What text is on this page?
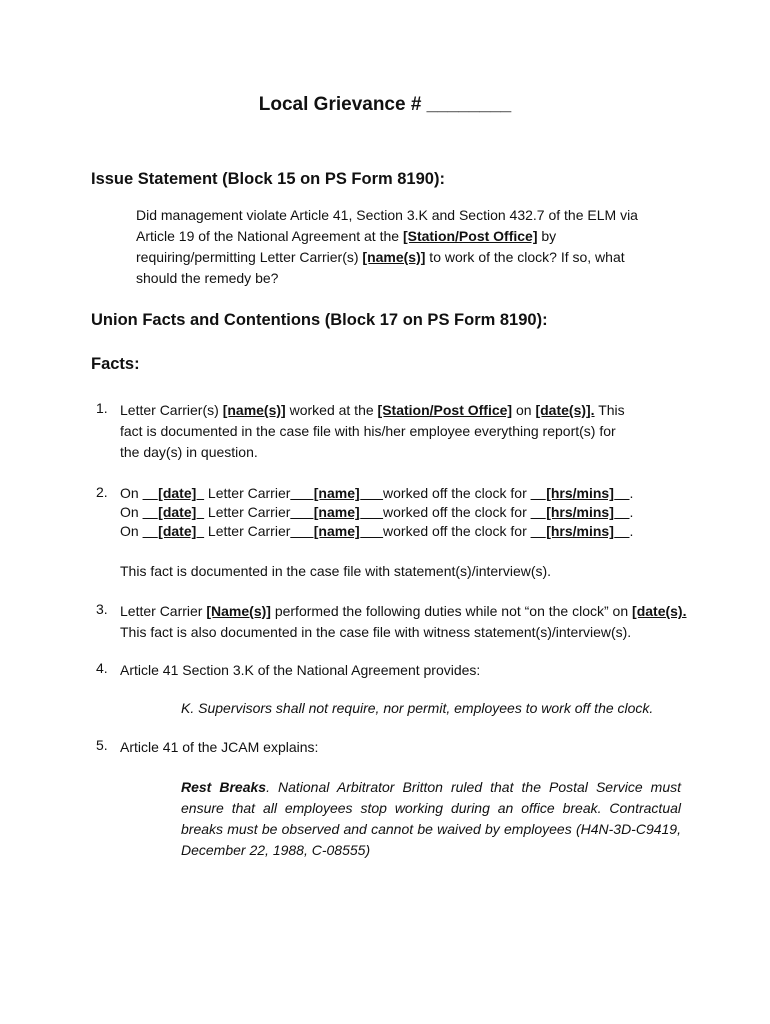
Local Grievance # ________
Issue Statement (Block 15 on PS Form 8190):
Did management violate Article 41, Section 3.K and Section 432.7 of the ELM via
Article 19 of the National Agreement at the [Station/Post Office] by
requiring/permitting Letter Carrier(s) [name(s)] to work of the clock? If so, what
should the remedy be?
Union Facts and Contentions (Block 17 on PS Form 8190):
Facts:
1. Letter Carrier(s) [name(s)] worked at the [Station/Post Office] on [date(s)]. This
fact is documented in the case file with his/her employee everything report(s) for
the day(s) in question.
2. On __[date]_ Letter Carrier___[name]___worked off the clock for __[hrs/mins]__.
On __[date]_ Letter Carrier___[name]___worked off the clock for __[hrs/mins]__.
On __[date]_ Letter Carrier___[name]___worked off the clock for __[hrs/mins]__.
This fact is documented in the case file with statement(s)/interview(s).
3. Letter Carrier [Name(s)] performed the following duties while not “on the clock” on [date(s).
This fact is also documented in the case file with witness statement(s)/interview(s).
4. Article 41 Section 3.K of the National Agreement provides:
K. Supervisors shall not require, nor permit, employees to work off the clock.
5. Article 41 of the JCAM explains:
Rest Breaks. National Arbitrator Britton ruled that the Postal Service must ensure that all employees stop working during an office break. Contractual breaks must be observed and cannot be waived by employees (H4N-3D-C9419, December 22, 1988, C-08555)
